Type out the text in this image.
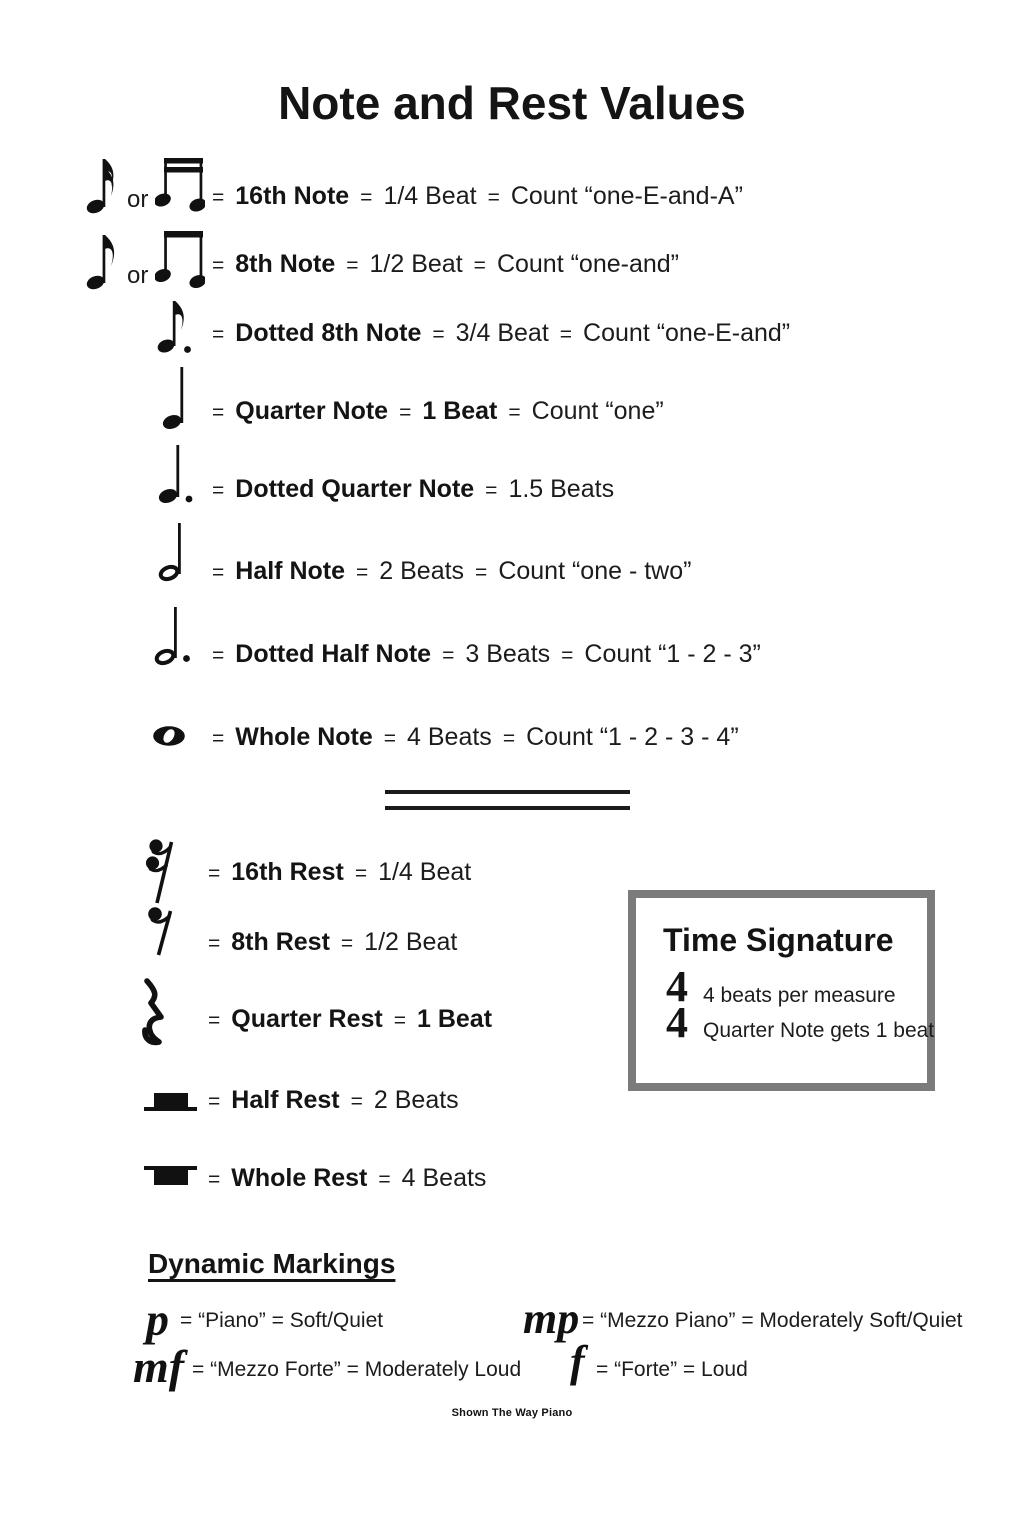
Note and Rest Values
or	= 16th Note = 1/4 Beat = Count “one-E-and-A”
or	= 8th Note = 1/2 Beat = Count “one-and”
= Dotted 8th Note = 3/4 Beat = Count “one-E-and”
= Quarter Note = 1 Beat = Count “one”
= Dotted Quarter Note = 1.5 Beats
= Half Note = 2 Beats = Count “one - two”
= Dotted Half Note = 3 Beats = Count “1 - 2 - 3”
= Whole Note = 4 Beats = Count “1 - 2 - 3 - 4”
= 16th Rest = 1/4 Beat
= 8th Rest = 1/2 Beat
= Quarter Rest = 1 Beat
= Half Rest = 2 Beats
= Whole Rest = 4 Beats
Time Signature
4
4
4 beats per measure
Quarter Note gets 1 beat
Dynamic Markings
p = “Piano” = Soft/Quiet	mp = “Mezzo Piano” = Moderately Soft/Quiet
mf = “Mezzo Forte” = Moderately Loud f = “Forte” = Loud
Shown The Way Piano
